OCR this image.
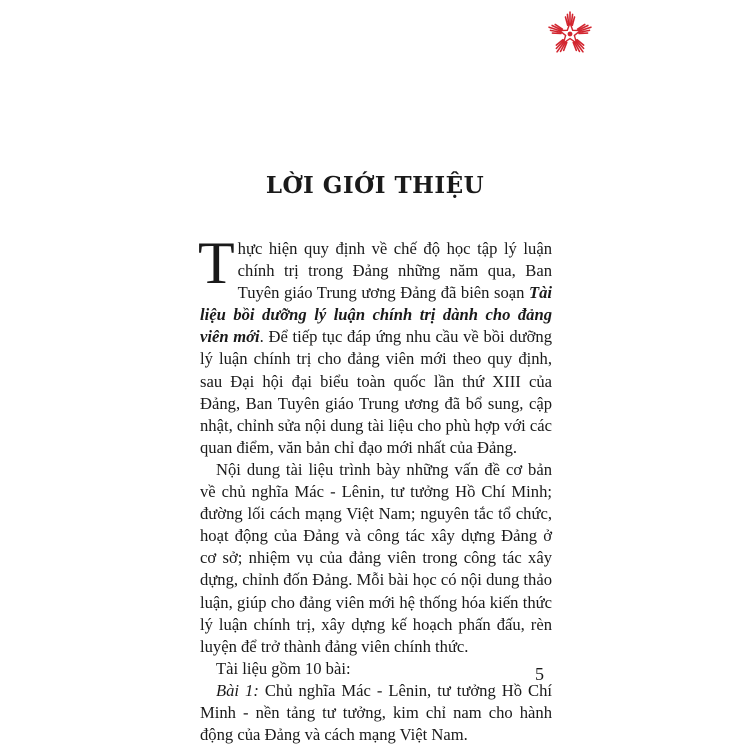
LỜI GIỚI THIỆU

Thực hiện quy định về chế độ học tập lý luận chính trị trong Đảng những năm qua, Ban Tuyên giáo Trung ương Đảng đã biên soạn Tài liệu bồi dưỡng lý luận chính trị dành cho đảng viên mới. Để tiếp tục đáp ứng nhu cầu về bồi dưỡng lý luận chính trị cho đảng viên mới theo quy định, sau Đại hội đại biểu toàn quốc lần thứ XIII của Đảng, Ban Tuyên giáo Trung ương đã bổ sung, cập nhật, chỉnh sửa nội dung tài liệu cho phù hợp với các quan điểm, văn bản chỉ đạo mới nhất của Đảng.

Nội dung tài liệu trình bày những vấn đề cơ bản về chủ nghĩa Mác - Lênin, tư tưởng Hồ Chí Minh; đường lối cách mạng Việt Nam; nguyên tắc tổ chức, hoạt động của Đảng và công tác xây dựng Đảng ở cơ sở; nhiệm vụ của đảng viên trong công tác xây dựng, chỉnh đốn Đảng. Mỗi bài học có nội dung thảo luận, giúp cho đảng viên mới hệ thống hóa kiến thức lý luận chính trị, xây dựng kế hoạch phấn đấu, rèn luyện để trở thành đảng viên chính thức.

Tài liệu gồm 10 bài:

Bài 1: Chủ nghĩa Mác - Lênin, tư tưởng Hồ Chí Minh - nền tảng tư tưởng, kim chỉ nam cho hành động của Đảng và cách mạng Việt Nam.

5
